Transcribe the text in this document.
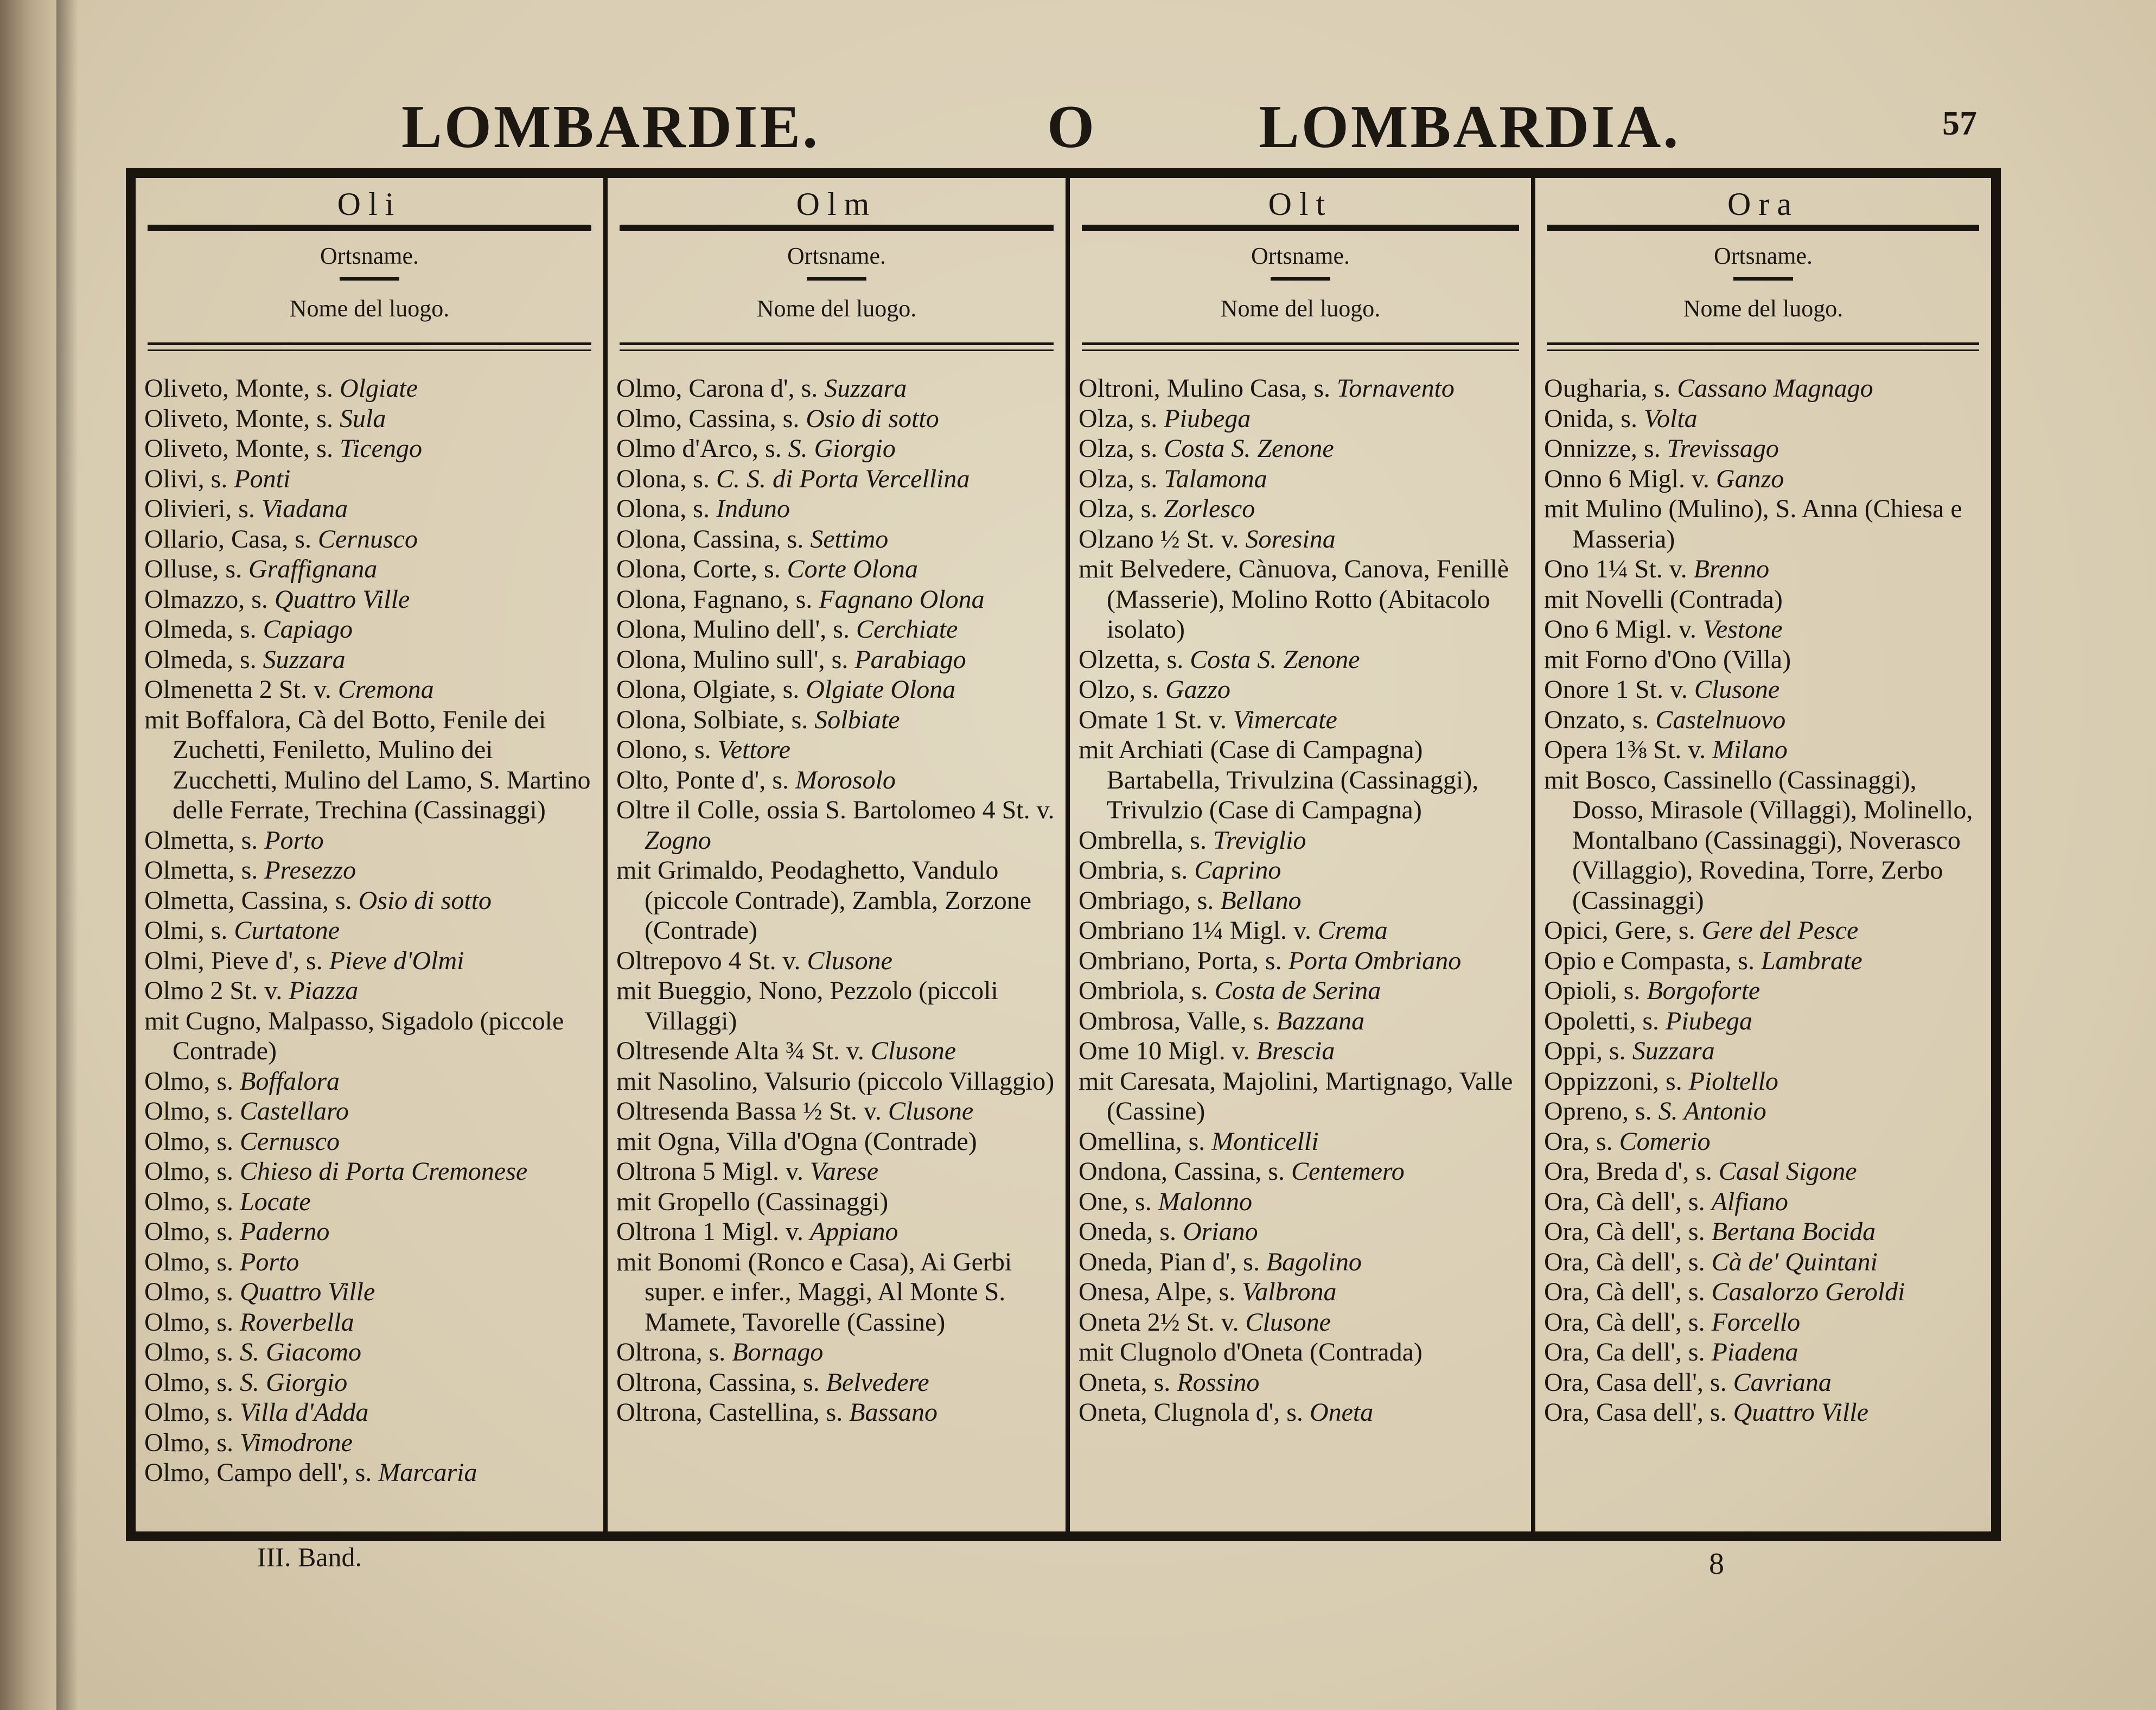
LOMBARDIE.	O	LOMBARDIA.	57
Oli
Ortsname.
Nome del luogo.
Oliveto, Monte, s. Olgiate
Oliveto, Monte, s. Sula
Oliveto, Monte, s. Ticengo
Olivi, s. Ponti
Olivieri, s. Viadana
Ollario, Casa, s. Cernusco
Olluse, s. Graffignana
Olmazzo, s. Quattro Ville
Olmeda, s. Capiago
Olmeda, s. Suzzara
Olmenetta 2 St. v. Cremona
mit Boffalora, Cà del Botto, Fenile dei Zuchetti, Feniletto, Mulino dei Zucchetti, Mulino del Lamo, S. Martino delle Ferrate, Trechina (Cassinaggi)
Olmetta, s. Porto
Olmetta, s. Presezzo
Olmetta, Cassina, s. Osio di sotto
Olmi, s. Curtatone
Olmi, Pieve d', s. Pieve d'Olmi
Olmo 2 St. v. Piazza
mit Cugno, Malpasso, Sigadolo (piccole Contrade)
Olmo, s. Boffalora
Olmo, s. Castellaro
Olmo, s. Cernusco
Olmo, s. Chieso di Porta Cremonese
Olmo, s. Locate
Olmo, s. Paderno
Olmo, s. Porto
Olmo, s. Quattro Ville
Olmo, s. Roverbella
Olmo, s. S. Giacomo
Olmo, s. S. Giorgio
Olmo, s. Villa d'Adda
Olmo, s. Vimodrone
Olmo, Campo dell', s. Marcaria
Olm
Ortsname.
Nome del luogo.
Olmo, Carona d', s. Suzzara
Olmo, Cassina, s. Osio di sotto
Olmo d'Arco, s. S. Giorgio
Olona, s. C. S. di Porta Vercellina
Olona, s. Induno
Olona, Cassina, s. Settimo
Olona, Corte, s. Corte Olona
Olona, Fagnano, s. Fagnano Olona
Olona, Mulino dell', s. Cerchiate
Olona, Mulino sull', s. Parabiago
Olona, Olgiate, s. Olgiate Olona
Olona, Solbiate, s. Solbiate
Olono, s. Vettore
Olto, Ponte d', s. Morosolo
Oltre il Colle, ossia S. Bartolomeo 4 St. v. Zogno
mit Grimaldo, Peodaghetto, Vandulo (piccole Contrade), Zambla, Zorzone (Contrade)
Oltrepovo 4 St. v. Clusone
mit Bueggio, Nono, Pezzolo (piccoli Villaggi)
Oltresende Alta ¾ St. v. Clusone
mit Nasolino, Valsurio (piccolo Villaggio)
Oltresenda Bassa ½ St. v. Clusone
mit Ogna, Villa d'Ogna (Contrade)
Oltrona 5 Migl. v. Varese
mit Gropello (Cassinaggi)
Oltrona 1 Migl. v. Appiano
mit Bonomi (Ronco e Casa), Ai Gerbi super. e infer., Maggi, Al Monte S. Mamete, Tavorelle (Cassine)
Oltrona, s. Bornago
Oltrona, Cassina, s. Belvedere
Oltrona, Castellina, s. Bassano
Olt
Ortsname.
Nome del luogo.
Oltroni, Mulino Casa, s. Tornavento
Olza, s. Piubega
Olza, s. Costa S. Zenone
Olza, s. Talamona
Olza, s. Zorlesco
Olzano ½ St. v. Soresina
mit Belvedere, Cànuova, Canova, Fenillè (Masserie), Molino Rotto (Abitacolo isolato)
Olzetta, s. Costa S. Zenone
Olzo, s. Gazzo
Omate 1 St. v. Vimercate
mit Archiati (Case di Campagna) Bartabella, Trivulzina (Cassinaggi), Trivulzio (Case di Campagna)
Ombrella, s. Treviglio
Ombria, s. Caprino
Ombriago, s. Bellano
Ombriano 1¼ Migl. v. Crema
Ombriano, Porta, s. Porta Ombriano
Ombriola, s. Costa de Serina
Ombrosa, Valle, s. Bazzana
Ome 10 Migl. v. Brescia
mit Caresata, Majolini, Martignago, Valle (Cassine)
Omellina, s. Monticelli
Ondona, Cassina, s. Centemero
One, s. Malonno
Oneda, s. Oriano
Oneda, Pian d', s. Bagolino
Onesa, Alpe, s. Valbrona
Oneta 2½ St. v. Clusone
mit Clugnolo d'Oneta (Contrada)
Oneta, s. Rossino
Oneta, Clugnola d', s. Oneta
Ora
Ortsname.
Nome del luogo.
Ougharia, s. Cassano Magnago
Onida, s. Volta
Onnizze, s. Trevissago
Onno 6 Migl. v. Ganzo
mit Mulino (Mulino), S. Anna (Chiesa e Masseria)
Ono 1¼ St. v. Brenno
mit Novelli (Contrada)
Ono 6 Migl. v. Vestone
mit Forno d'Ono (Villa)
Onore 1 St. v. Clusone
Onzato, s. Castelnuovo
Opera 1⅜ St. v. Milano
mit Bosco, Cassinello (Cassinaggi), Dosso, Mirasole (Villaggi), Molinello, Montalbano (Cassinaggi), Noverasco (Villaggio), Rovedina, Torre, Zerbo (Cassinaggi)
Opici, Gere, s. Gere del Pesce
Opio e Compasta, s. Lambrate
Opioli, s. Borgoforte
Opoletti, s. Piubega
Oppi, s. Suzzara
Oppizzoni, s. Pioltello
Opreno, s. S. Antonio
Ora, s. Comerio
Ora, Breda d', s. Casal Sigone
Ora, Cà dell', s. Alfiano
Ora, Cà dell', s. Bertana Bocida
Ora, Cà dell', s. Cà de' Quintani
Ora, Cà dell', s. Casalorzo Geroldi
Ora, Cà dell', s. Forcello
Ora, Ca dell', s. Piadena
Ora, Casa dell', s. Cavriana
Ora, Casa dell', s. Quattro Ville
III. Band.	8
